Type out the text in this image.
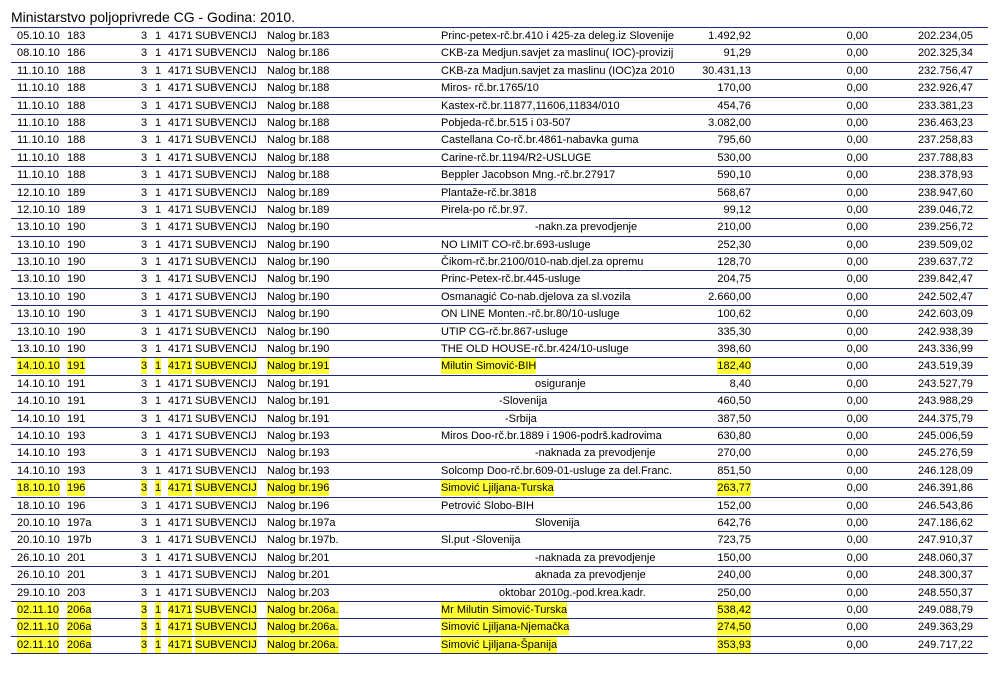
Ministarstvo poljoprivrede CG - Godina: 2010.
05.10.10 183	3 1 4171 SUBVENCIJ Nalog br.183	Princ-petex-rč.br.410 i 425-za deleg.iz Slovenije	1.492,92	0,00	202.234,05
08.10.10 186	3 1 4171 SUBVENCIJ Nalog br.186	CKB-za Medjun.savjet za maslinu( IOC)-provizij	91,29	0,00	202.325,34
11.10.10 188	3 1 4171 SUBVENCIJ Nalog br.188	CKB-za Madjun.savjet za maslinu (IOC)za 2010	30.431,13	0,00	232.756,47
11.10.10 188	3 1 4171 SUBVENCIJ Nalog br.188	Miros- rč.br.1765/10	170,00	0,00	232.926,47
11.10.10 188	3 1 4171 SUBVENCIJ Nalog br.188	Kastex-rč.br.11877,11606,11834/010	454,76	0,00	233.381,23
11.10.10 188	3 1 4171 SUBVENCIJ Nalog br.188	Pobjeda-rč.br.515 i 03-507	3.082,00	0,00	236.463,23
11.10.10 188	3 1 4171 SUBVENCIJ Nalog br.188	Castellana Co-rč.br.4861-nabavka guma	795,60	0,00	237.258,83
11.10.10 188	3 1 4171 SUBVENCIJ Nalog br.188	Carine-rč.br.1194/R2-USLUGE	530,00	0,00	237.788,83
11.10.10 188	3 1 4171 SUBVENCIJ Nalog br.188	Beppler Jacobson Mng.-rč.br.27917	590,10	0,00	238.378,93
12.10.10 189	3 1 4171 SUBVENCIJ Nalog br.189	Plantaže-rč.br.3818	568,67	0,00	238.947,60
12.10.10 189	3 1 4171 SUBVENCIJ Nalog br.189	Pirela-po rč.br.97.	99,12	0,00	239.046,72
13.10.10 190	3 1 4171 SUBVENCIJ Nalog br.190	-nakn.za prevodjenje	210,00	0,00	239.256,72
13.10.10 190	3 1 4171 SUBVENCIJ Nalog br.190	NO LIMIT CO-rč.br.693-usluge	252,30	0,00	239.509,02
13.10.10 190	3 1 4171 SUBVENCIJ Nalog br.190	Čikom-rč.br.2100/010-nab.djel.za opremu	128,70	0,00	239.637,72
13.10.10 190	3 1 4171 SUBVENCIJ Nalog br.190	Princ-Petex-rč.br.445-usluge	204,75	0,00	239.842,47
13.10.10 190	3 1 4171 SUBVENCIJ Nalog br.190	Osmanagić Co-nab.djelova za sl.vozila	2.660,00	0,00	242.502,47
13.10.10 190	3 1 4171 SUBVENCIJ Nalog br.190	ON LINE Monten.-rč.br.80/10-usluge	100,62	0,00	242.603,09
13.10.10 190	3 1 4171 SUBVENCIJ Nalog br.190	UTIP CG-rč.br.867-usluge	335,30	0,00	242.938,39
13.10.10 190	3 1 4171 SUBVENCIJ Nalog br.190	THE OLD HOUSE-rč.br.424/10-usluge	398,60	0,00	243.336,99
14.10.10 191	3 1 4171 SUBVENCIJ Nalog br.191	Milutin Simović-BIH	182,40	0,00	243.519,39
14.10.10 191	3 1 4171 SUBVENCIJ Nalog br.191	osiguranje	8,40	0,00	243.527,79
14.10.10 191	3 1 4171 SUBVENCIJ Nalog br.191	-Slovenija	460,50	0,00	243.988,29
14.10.10 191	3 1 4171 SUBVENCIJ Nalog br.191	-Srbija	387,50	0,00	244.375,79
14.10.10 193	3 1 4171 SUBVENCIJ Nalog br.193	Miros Doo-rč.br.1889 i 1906-podrš.kadrovima	630,80	0,00	245.006,59
14.10.10 193	3 1 4171 SUBVENCIJ Nalog br.193	-naknada za prevodjenje	270,00	0,00	245.276,59
14.10.10 193	3 1 4171 SUBVENCIJ Nalog br.193	Solcomp Doo-rč.br.609-01-usluge za del.Franc.	851,50	0,00	246.128,09
18.10.10 196	3 1 4171 SUBVENCIJ Nalog br.196	Simović Ljiljana-Turska	263,77	0,00	246.391,86
18.10.10 196	3 1 4171 SUBVENCIJ Nalog br.196	Petrović Slobo-BIH	152,00	0,00	246.543,86
20.10.10 197a	3 1 4171 SUBVENCIJ Nalog br.197a	Slovenija	642,76	0,00	247.186,62
20.10.10 197b	3 1 4171 SUBVENCIJ Nalog br.197b.	Sl.put -Slovenija	723,75	0,00	247.910,37
26.10.10 201	3 1 4171 SUBVENCIJ Nalog br.201	-naknada za prevodjenje	150,00	0,00	248.060,37
26.10.10 201	3 1 4171 SUBVENCIJ Nalog br.201	aknada za prevodjenje	240,00	0,00	248.300,37
29.10.10 203	3 1 4171 SUBVENCIJ Nalog br.203	oktobar 2010g.-pod.krea.kadr.	250,00	0,00	248.550,37
02.11.10 206a	3 1 4171 SUBVENCIJ Nalog br.206a.	Mr Milutin Simović-Turska	538,42	0,00	249.088,79
02.11.10 206a	3 1 4171 SUBVENCIJ Nalog br.206a.	Simović Ljiljana-Njemačka	274,50	0,00	249.363,29
02.11.10 206a	3 1 4171 SUBVENCIJ Nalog br.206a.	Simović Ljiljana-Španija	353,93	0,00	249.717,22
